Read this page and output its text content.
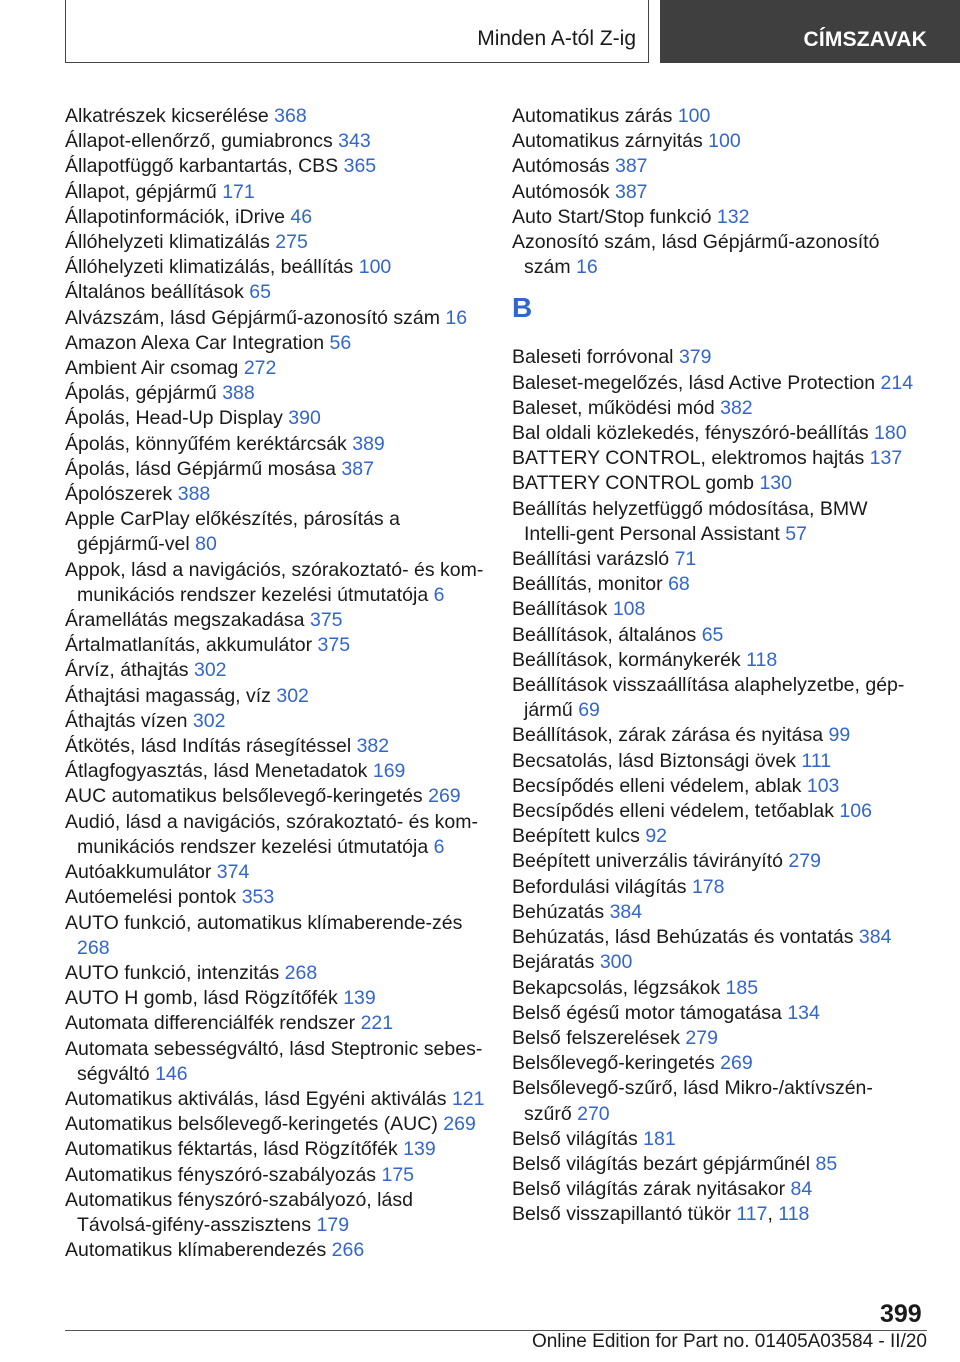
Minden A-tól Z-ig	CÍMSZAVAK
Alkatrészek kicserélése 368
Állapot-ellenőrző, gumiabroncs 343
Állapotfüggő karbantartás, CBS 365
Állapot, gépjármű 171
Állapotinformációk, iDrive 46
Állóhelyzeti klimatizálás 275
Állóhelyzeti klimatizálás, beállítás 100
Általános beállítások 65
Alvázszám, lásd Gépjármű-azonosító szám 16
Amazon Alexa Car Integration 56
Ambient Air csomag 272
Ápolás, gépjármű 388
Ápolás, Head-Up Display 390
Ápolás, könnyűfém keréktárcsák 389
Ápolás, lásd Gépjármű mosása 387
Ápolószerek 388
Apple CarPlay előkészítés, párosítás a gépjármű-vel 80
Appok, lásd a navigációs, szórakoztató- és kom-munikációs rendszer kezelési útmutatója 6
Áramellátás megszakadása 375
Ártalmatlanítás, akkumulátor 375
Árvíz, áthajtás 302
Áthajtási magasság, víz 302
Áthajtás vízen 302
Átkötés, lásd Indítás rásegítéssel 382
Átlagfogyasztás, lásd Menetadatok 169
AUC automatikus belsőlevegő-keringetés 269
Audió, lásd a navigációs, szórakoztató- és kom-munikációs rendszer kezelési útmutatója 6
Autóakkumulátor 374
Autóemelési pontok 353
AUTO funkció, automatikus klímaberende-zés 268
AUTO funkció, intenzitás 268
AUTO H gomb, lásd Rögzítőfék 139
Automata differenciálfék rendszer 221
Automata sebességváltó, lásd Steptronic sebes-ségváltó 146
Automatikus aktiválás, lásd Egyéni aktiválás 121
Automatikus belsőlevegő-keringetés (AUC) 269
Automatikus féktartás, lásd Rögzítőfék 139
Automatikus fényszóró-szabályozás 175
Automatikus fényszóró-szabályozó, lásd Távolsá-gifény-asszisztens 179
Automatikus klímaberendezés 266
Automatikus zárás 100
Automatikus zárnyitás 100
Autómosás 387
Autómosók 387
Auto Start/Stop funkció 132
Azonosító szám, lásd Gépjármű-azonosító szám 16
B
Baleseti forróvonal 379
Baleset-megelőzés, lásd Active Protection 214
Baleset, működési mód 382
Bal oldali közlekedés, fényszóró-beállítás 180
BATTERY CONTROL, elektromos hajtás 137
BATTERY CONTROL gomb 130
Beállítás helyzetfüggő módosítása, BMW Intelli-gent Personal Assistant 57
Beállítási varázsló 71
Beállítás, monitor 68
Beállítások 108
Beállítások, általános 65
Beállítások, kormánykerék 118
Beállítások visszaállítása alaphelyzetbe, gép-jármű 69
Beállítások, zárak zárása és nyitása 99
Becsatolás, lásd Biztonsági övek 111
Becsípődés elleni védelem, ablak 103
Becsípődés elleni védelem, tetőablak 106
Beépített kulcs 92
Beépített univerzális távirányító 279
Befordulási világítás 178
Behúzatás 384
Behúzatás, lásd Behúzatás és vontatás 384
Bejáratás 300
Bekapcsolás, légzsákok 185
Belső égésű motor támogatása 134
Belső felszerelések 279
Belsőlevegő-keringetés 269
Belsőlevegő-szűrő, lásd Mikro-/aktívszén-szűrő 270
Belső világítás 181
Belső világítás bezárt gépjárműnél 85
Belső világítás zárak nyitásakor 84
Belső visszapillantó tükör 117, 118
399
Online Edition for Part no. 01405A03584 - II/20
